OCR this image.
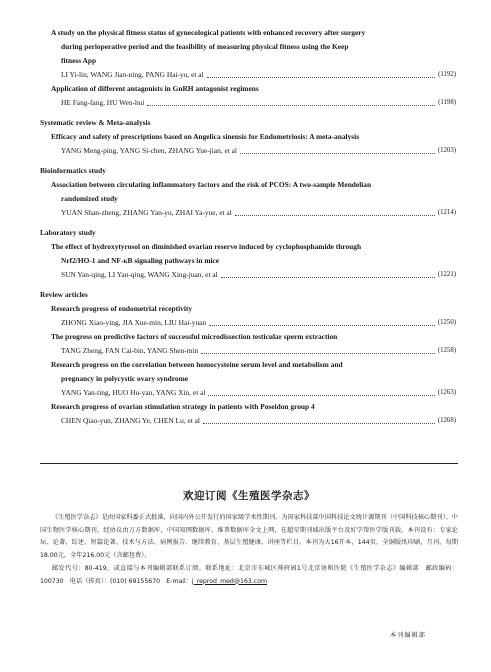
A study on the physical fitness status of gynecological patients with enhanced recovery after surgery
during perioperative period and the feasibility of measuring physical fitness using the Keep
fitness App
LI Yi-lin, WANG Jian-ning, PANG Hai-yu, et al	(1192)
Application of different antagonists in GnRH antagonist regimens
HE Fang-fang, HU Wen-hui	(1198)
Systematic review & Meta-analysis
Efficacy and safety of prescriptions based on Angelica sinensis for Endometriosis: A meta-analysis
YANG Meng-ping, YANG Si-chen, ZHANG Yue-jian, et al	(1203)
Bioinformatics study
Association between circulating inflammatory factors and the risk of PCOS: A two-sample Mendelian
randomized study
YUAN Shan-zheng, ZHANG Yan-yu, ZHAI Ya-yue, et al	(1214)
Laboratory study
The effect of hydroxytyrosol on diminished ovarian reserve induced by cyclophosphamide through
Nrf2/HO-1 and NF-κB signaling pathways in mice
SUN Yan-qing, LI Yan-qing, WANG Xing-juan, et al	(1221)
Review articles
Research progress of endometrial receptivity
ZHONG Xiao-ying, JIA Xue-min, LIU Hai-yuan	(1250)
The progress on predictive factors of successful microdissection testicular sperm extraction
TANG Zheng, FAN Cai-bin, YANG Shen-min	(1258)
Research progress on the correlation between homocysteine serum level and metabolism and
pregnancy in polycystic ovary syndrome
YANG Yan-ting, HUO Hu-yan, YANG Xin, et al	(1263)
Research progress of ovarian stimulation strategy in patients with Poseidon group 4
CHEN Qiao-yun, ZHANG Ye, CHEN Lu, et al	(1268)
欢迎订阅《生殖医学杂志》

《生殖医学杂志》是由国家科委正式批准，向国内外公开发行的国家级学术性期刊。为国家科技部中国科技论文统计源期刊（中国科技核心期刊）、中国生物医学核心期刊，经协议由万方数据库、中国知网数据库、维普数据库全文上网，在超星期刊域出版平台及好学帮医学版刊载。本刊设有：专家论坛、论著、综述、短篇论著、技术与方法、病例报告、继续教育、基层生殖健康、讲座等栏目。本刊为大16开本，144页，全铜版纸印刷，月刊，每期18.00元，全年216.00元（含邮包费）。

邮发代号：80-419，或直接与本刊编辑部联系订阅。联系地址：北京市东城区帅府园1号北京协和医院《生殖医学杂志》编辑部　邮政编码：100730　电话（传真）：(010) 69155670　E-mail：j_reprod_med@163.com

本刊编辑部
